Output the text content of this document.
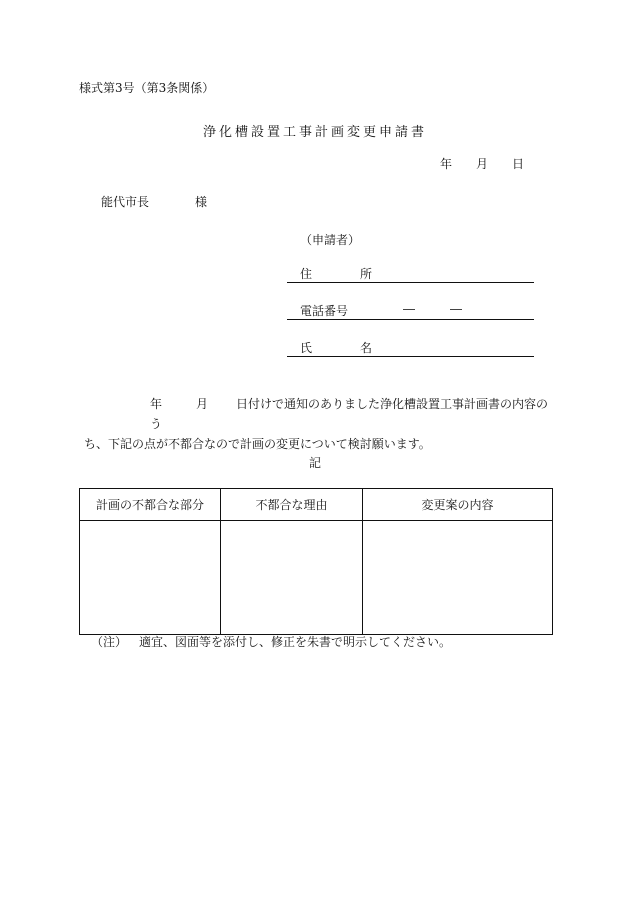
様式第3号（第3条関係）
浄化槽設置工事計画変更申請書
年	月	日
能代市長	様
（申請者）
住　所
電話番号	―	―
氏　名
年	月 日付けで通知のありました浄化槽設置工事計画書の内容のう
ち、下記の点が不都合なので計画の変更について検討願います。
記
計画の不都合な部分	不都合な理由	変更案の内容

（注） 適宜、図面等を添付し、修正を朱書で明示してください。
